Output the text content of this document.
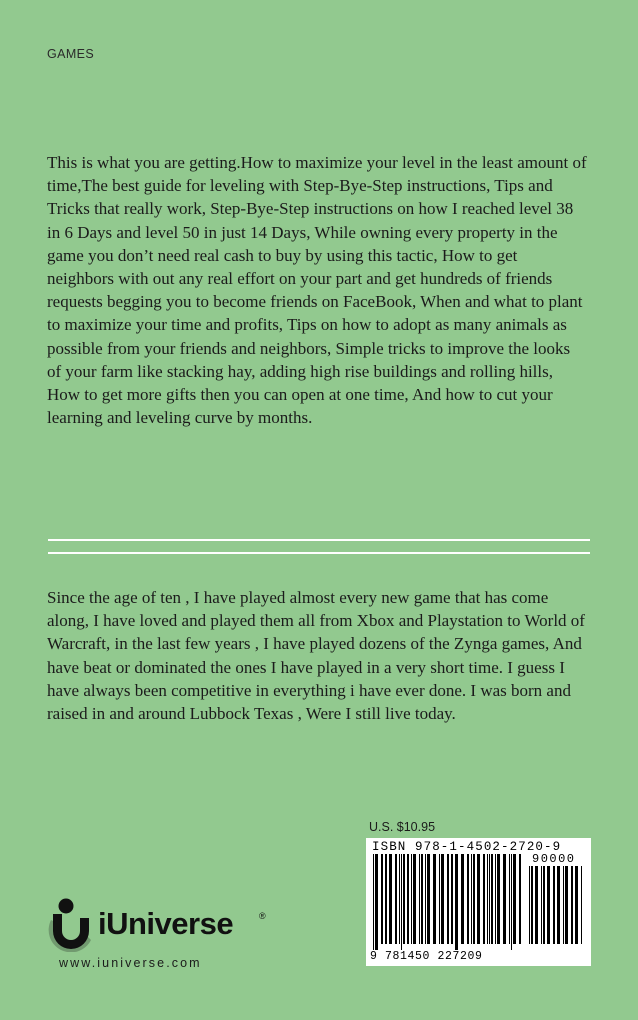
GAMES

This is what you are getting.How to maximize your level in the least amount of time,The best guide for leveling with Step-Bye-Step instructions, Tips and Tricks that really work, Step-Bye-Step instructions on how I reached level 38 in 6 Days and level 50 in just 14 Days, While owning every property in the game you don’t need real cash to buy by using this tactic, How to get neighbors with out any real effort on your part and get hundreds of friends requests begging you to become friends on FaceBook, When and what to plant to maximize your time and profits, Tips on how to adopt as many animals as possible from your friends and neighbors, Simple tricks to improve the looks of your farm like stacking hay, adding high rise buildings and rolling hills, How to get more gifts then you can open at one time, And how to cut your learning and leveling curve by months.

Since the age of ten , I have played almost every new game that has come along, I have loved and played them all from Xbox and Playstation to World of Warcraft, in the last few years , I have played dozens of the Zynga games, And have beat or dominated the ones I have played in a very short time. I guess I have always been competitive in everything i have ever done. I was born and raised in and around Lubbock Texas , Were I still live today.

U.S. $10.95
ISBN 978-1-4502-2720-9
90000
9 781450 227209
iUniverse	®
www.iuniverse.com
